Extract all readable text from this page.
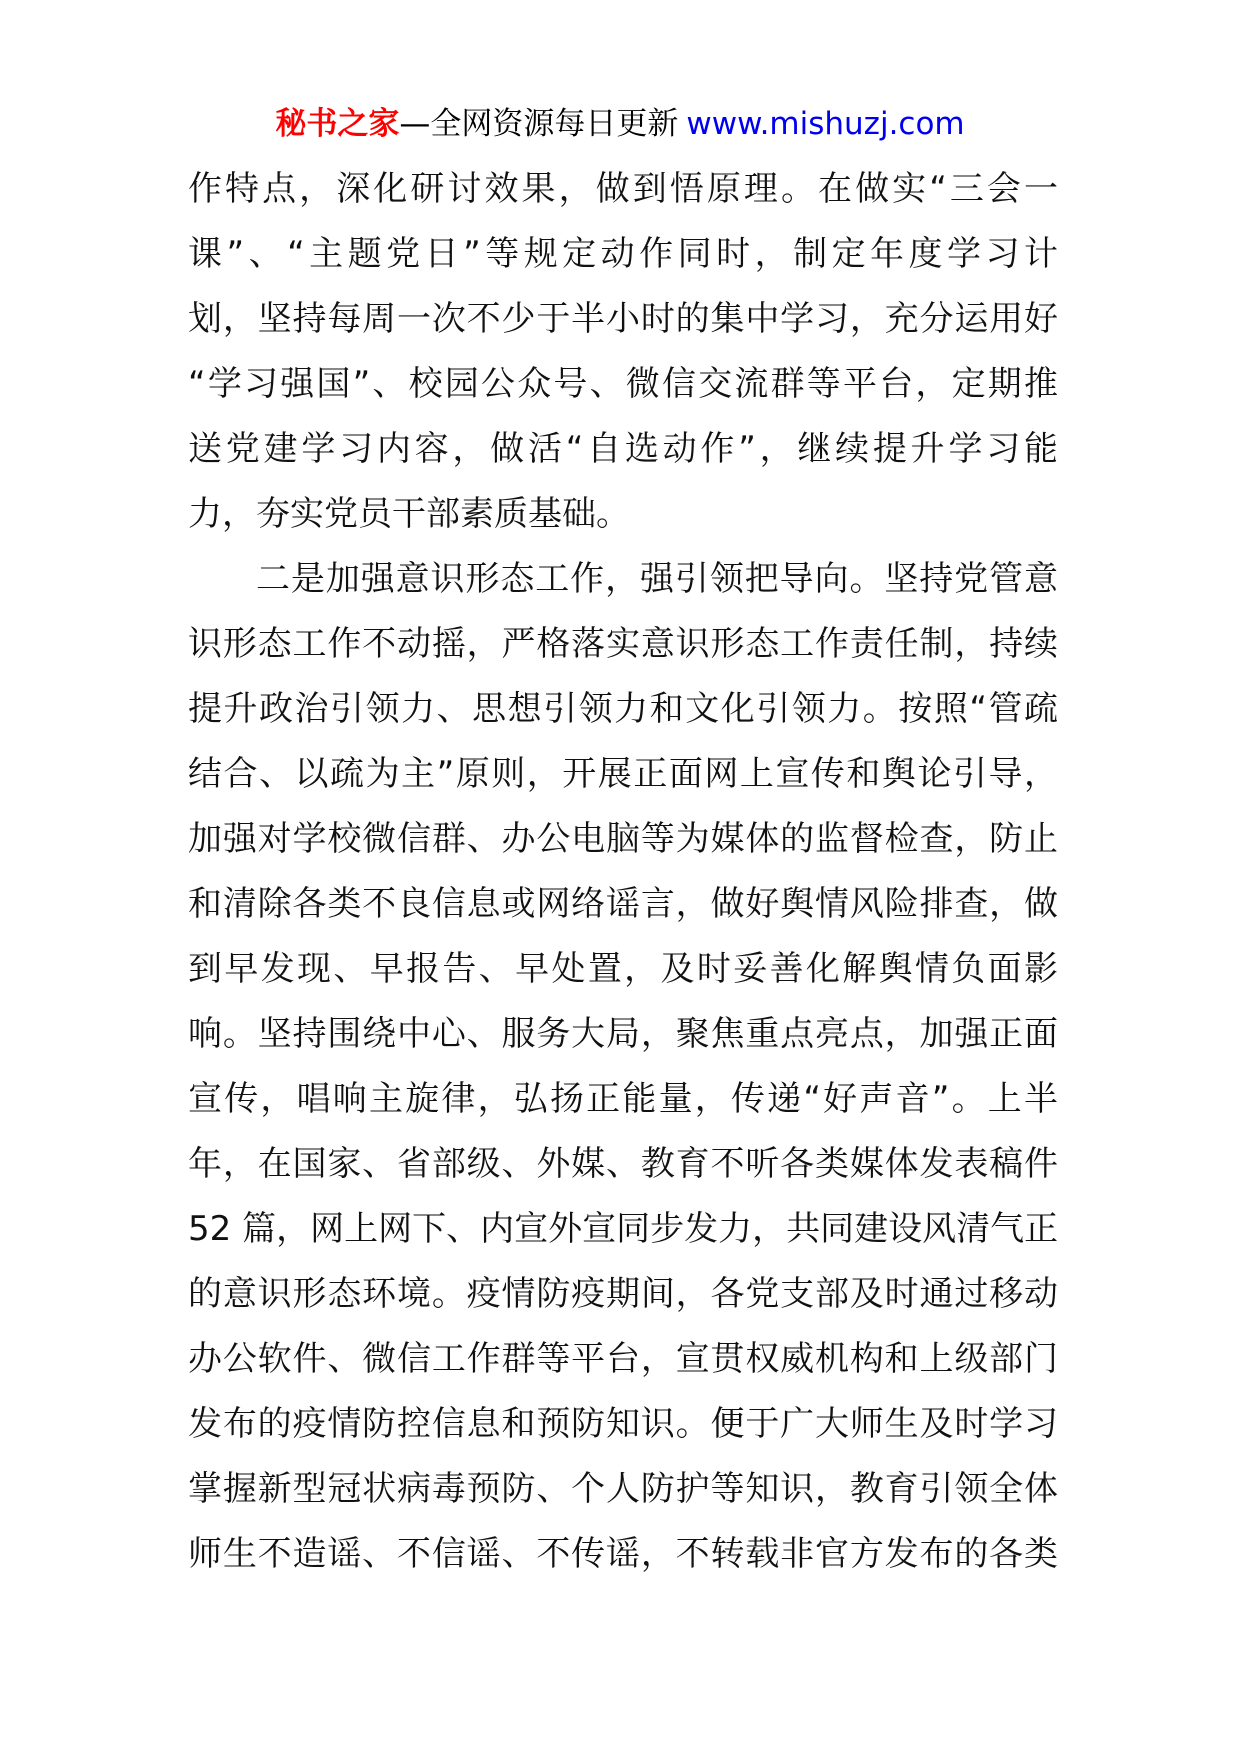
秘书之家—全网资源每日更新 www.mishuzj.com
作特点，深化研讨效果，做到悟原理。在做实“三会一
课”、“主题党日”等规定动作同时，制定年度学习计
划，坚持每周一次不少于半小时的集中学习，充分运用好
“学习强国”、校园公众号、微信交流群等平台，定期推
送党建学习内容，做活“自选动作”，继续提升学习能
力，夯实党员干部素质基础。
二是加强意识形态工作，强引领把导向。坚持党管意
识形态工作不动摇，严格落实意识形态工作责任制，持续
提升政治引领力、思想引领力和文化引领力。按照“管疏
结合、以疏为主”原则，开展正面网上宣传和舆论引导，
加强对学校微信群、办公电脑等为媒体的监督检查，防止
和清除各类不良信息或网络谣言，做好舆情风险排查，做
到早发现、早报告、早处置，及时妥善化解舆情负面影
响。坚持围绕中心、服务大局，聚焦重点亮点，加强正面
宣传，唱响主旋律，弘扬正能量，传递“好声音”。上半
年，在国家、省部级、外媒、教育不听各类媒体发表稿件
52 篇，网上网下、内宣外宣同步发力，共同建设风清气正
的意识形态环境。疫情防疫期间，各党支部及时通过移动
办公软件、微信工作群等平台，宣贯权威机构和上级部门
发布的疫情防控信息和预防知识。便于广大师生及时学习
掌握新型冠状病毒预防、个人防护等知识，教育引领全体
师生不造谣、不信谣、不传谣，不转载非官方发布的各类
